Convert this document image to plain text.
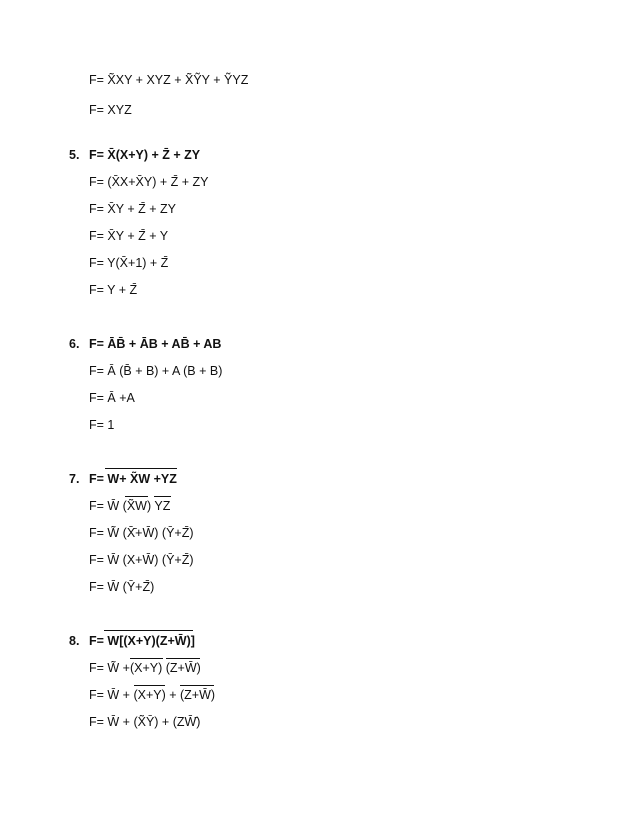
F= X̃XY + XYZ + X̃ỸY + ỸYZ
F= XYZ
5. F= X̄(X+Y) + Z̄ + ZY
F= (X̄X+X̄Y) + Z̄ + ZY
F= X̄Y + Z̄ + ZY
F= X̄Y + Z̄ + Y
F= Y(X̄+1) + Z̄
F= Y + Z̄
6. F= ĀB̄ + ĀB + AB̄ + AB
F= Ā (B̄ + B) + A (B + B)
F= Ā +A
F= 1
7. F= W+ X̃W +YZ
F= W̄ (X̃W) YZ
F= W̃ (X̄̄+W̄) (Ȳ+Z̄)
F= W̄ (X+W̄) (Ȳ+Z̄)
F= W̄ (Ȳ+Z̄)
8. F= W[(X+Y)(Z+W̄)]
F= W̃ +(X+Y) (Z+W̄)
F= W̄ + (X+Y) + (Z+W̄)
F= W̄ + (X̃Ȳ) + (ZW̄̄)
